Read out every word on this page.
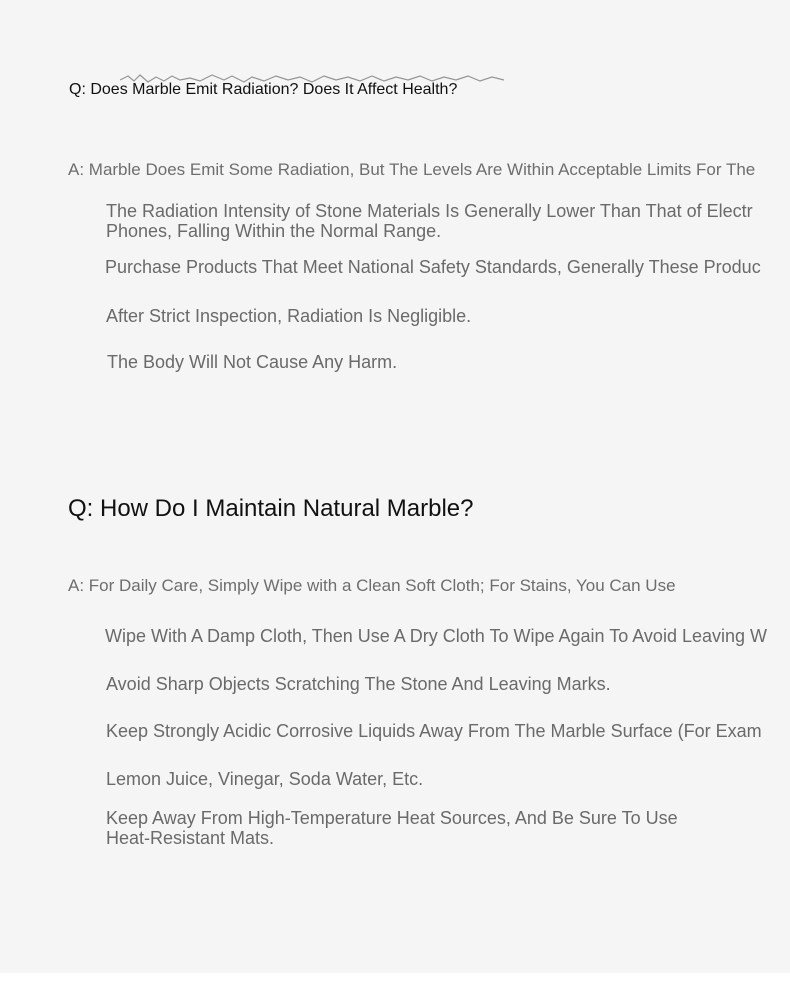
Q: Does Marble Emit Radiation? Does It Affect Health?
A: Marble Does Emit Some Radiation, But The Levels Are Within Acceptable Limits For The
The Radiation Intensity of Stone Materials Is Generally Lower Than That of Electr
Phones, Falling Within the Normal Range.
Purchase Products That Meet National Safety Standards, Generally These Produc
After Strict Inspection, Radiation Is Negligible.
The Body Will Not Cause Any Harm.
Q: How Do I Maintain Natural Marble?
A: For Daily Care, Simply Wipe with a Clean Soft Cloth; For Stains, You Can Use
Wipe With A Damp Cloth, Then Use A Dry Cloth To Wipe Again To Avoid Leaving W
Avoid Sharp Objects Scratching The Stone And Leaving Marks.
Keep Strongly Acidic Corrosive Liquids Away From The Marble Surface (For Exam
Lemon Juice, Vinegar, Soda Water, Etc.
Keep Away From High-Temperature Heat Sources, And Be Sure To Use
Heat-Resistant Mats.
